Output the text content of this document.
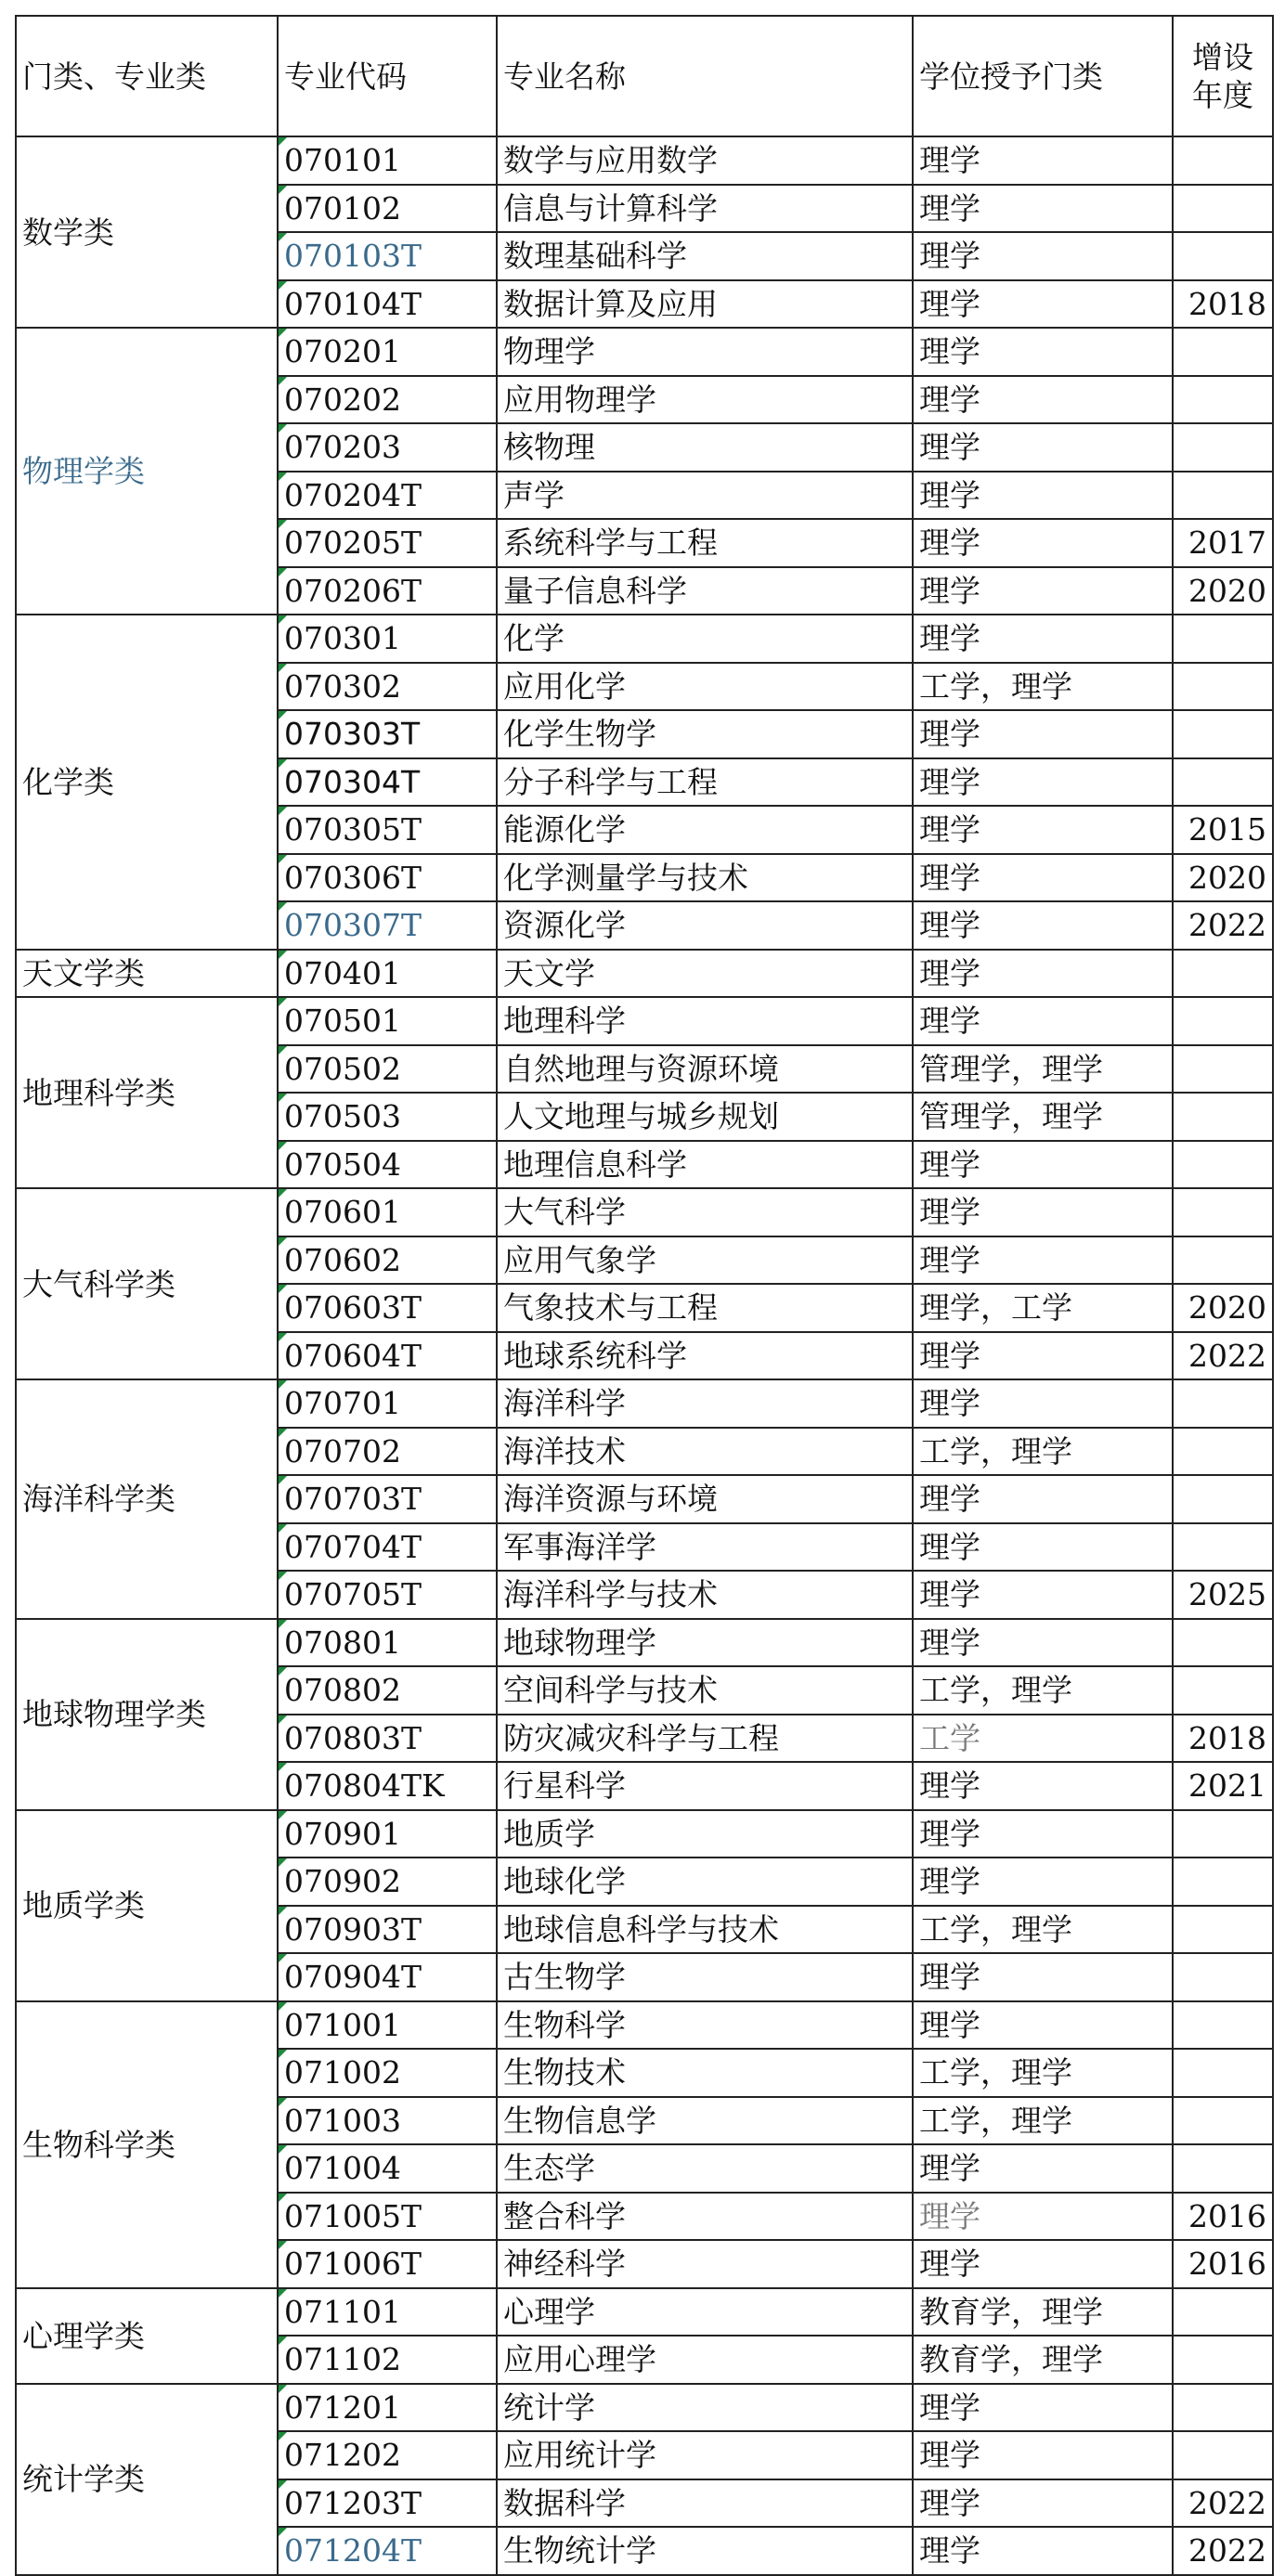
门类、专业类	专业代码	专业名称	学位授予门类	增设年度
数学类	070101	数学与应用数学	理学	
	070102	信息与计算科学	理学	
	070103T	数理基础科学	理学	
	070104T	数据计算及应用	理学	2018
物理学类	070201	物理学	理学	
	070202	应用物理学	理学	
	070203	核物理	理学	
	070204T	声学	理学	
	070205T	系统科学与工程	理学	2017
	070206T	量子信息科学	理学	2020
化学类	070301	化学	理学	
	070302	应用化学	工学，理学	
	070303T	化学生物学	理学	
	070304T	分子科学与工程	理学	
	070305T	能源化学	理学	2015
	070306T	化学测量学与技术	理学	2020
	070307T	资源化学	理学	2022
天文学类	070401	天文学	理学	
地理科学类	070501	地理科学	理学	
	070502	自然地理与资源环境	管理学，理学	
	070503	人文地理与城乡规划	管理学，理学	
	070504	地理信息科学	理学	
大气科学类	070601	大气科学	理学	
	070602	应用气象学	理学	
	070603T	气象技术与工程	理学，工学	2020
	070604T	地球系统科学	理学	2022
海洋科学类	070701	海洋科学	理学	
	070702	海洋技术	工学，理学	
	070703T	海洋资源与环境	理学	
	070704T	军事海洋学	理学	
	070705T	海洋科学与技术	理学	2025
地球物理学类	070801	地球物理学	理学	
	070802	空间科学与技术	工学，理学	
	070803T	防灾减灾科学与工程	工学	2018
	070804TK	行星科学	理学	2021
地质学类	070901	地质学	理学	
	070902	地球化学	理学	
	070903T	地球信息科学与技术	工学，理学	
	070904T	古生物学	理学	
生物科学类	071001	生物科学	理学	
	071002	生物技术	工学，理学	
	071003	生物信息学	工学，理学	
	071004	生态学	理学	
	071005T	整合科学	理学	2016
	071006T	神经科学	理学	2016
心理学类	071101	心理学	教育学，理学	
	071102	应用心理学	教育学，理学	
统计学类	071201	统计学	理学	
	071202	应用统计学	理学	
	071203T	数据科学	理学	2022
	071204T	生物统计学	理学	2022
